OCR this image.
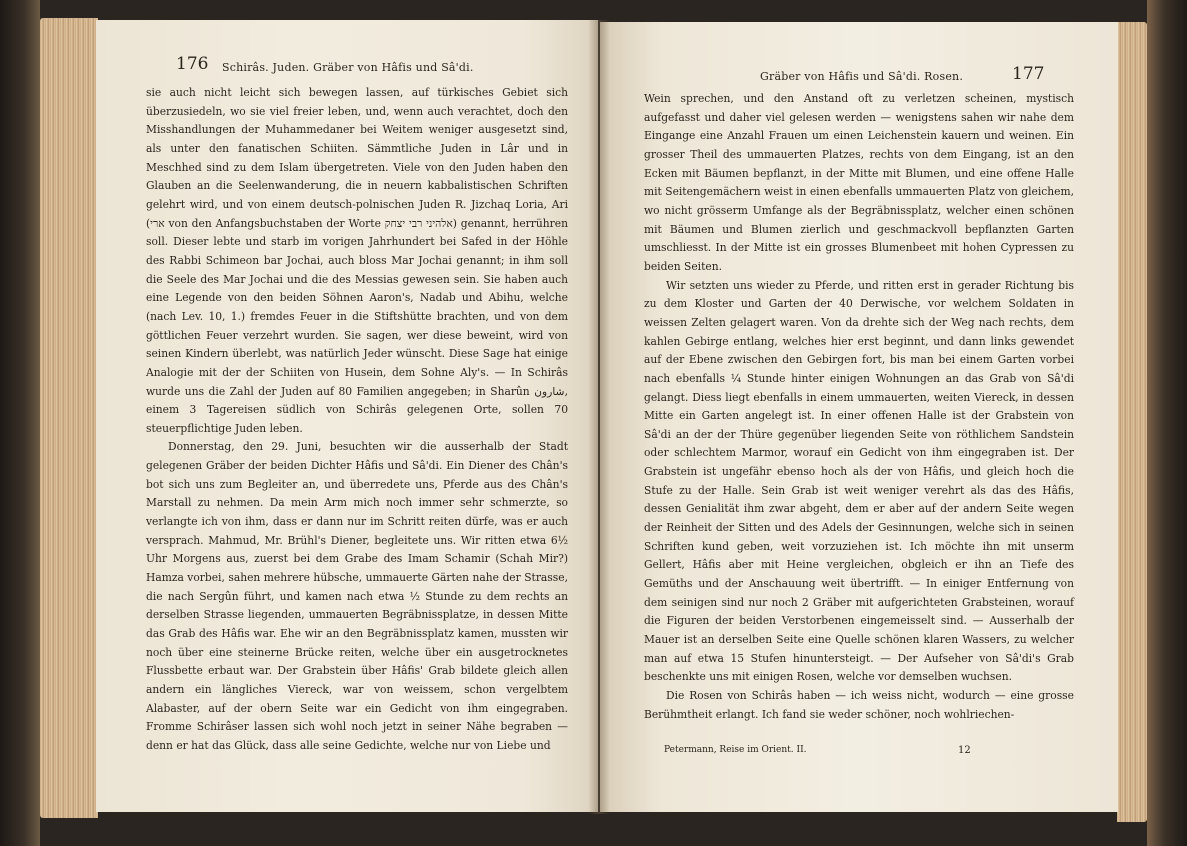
176 Schirâs. Juden. Gräber von Hâfis und Sâ'di.

sie auch nicht leicht sich bewegen lassen, auf türkisches Gebiet sich überzusiedeln, wo sie viel freier leben, und, wenn auch verachtet, doch den Misshandlungen der Muhammedaner bei Weitem weniger ausgesetzt sind, als unter den fanatischen Schiiten. Sämmtliche Juden in Lâr und in Meschhed sind zu dem Islam übergetreten. Viele von den Juden haben den Glauben an die Seelenwanderung, die in neuern kabbalistischen Schriften gelehrt wird, und von einem deutsch-polnischen Juden R. Jizchaq Loria, Ari (ארי von den Anfangsbuchstaben der Worte אלהיני רבי יצחק) genannt, herrühren soll. Dieser lebte und starb im vorigen Jahrhundert bei Safed in der Höhle des Rabbi Schimeon bar Jochai, auch bloss Mar Jochai genannt; in ihm soll die Seele des Mar Jochai und die des Messias gewesen sein. Sie haben auch eine Legende von den beiden Söhnen Aaron's, Nadab und Abihu, welche (nach Lev. 10, 1.) fremdes Feuer in die Stiftshütte brachten, und von dem göttlichen Feuer verzehrt wurden. Sie sagen, wer diese beweint, wird von seinen Kindern überlebt, was natürlich Jeder wünscht. Diese Sage hat einige Analogie mit der der Schiiten von Husein, dem Sohne Aly's. — In Schirâs wurde uns die Zahl der Juden auf 80 Familien angegeben; in Sharûn شارون, einem 3 Tagereisen südlich von Schirâs gelegenen Orte, sollen 70 steuerpflichtige Juden leben.

Donnerstag, den 29. Juni, besuchten wir die ausserhalb der Stadt gelegenen Gräber der beiden Dichter Hâfis und Sâ'di. Ein Diener des Chân's bot sich uns zum Begleiter an, und überredete uns, Pferde aus des Chân's Marstall zu nehmen. Da mein Arm mich noch immer sehr schmerzte, so verlangte ich von ihm, dass er dann nur im Schritt reiten dürfe, was er auch versprach. Mahmud, Mr. Brühl's Diener, begleitete uns. Wir ritten etwa 6½ Uhr Morgens aus, zuerst bei dem Grabe des Imam Schamir (Schah Mir?) Hamza vorbei, sahen mehrere hübsche, ummauerte Gärten nahe der Strasse, die nach Sergûn führt, und kamen nach etwa ½ Stunde zu dem rechts an derselben Strasse liegenden, ummauerten Begräbnissplatze, in dessen Mitte das Grab des Hâfis war. Ehe wir an den Begräbnissplatz kamen, mussten wir noch über eine steinerne Brücke reiten, welche über ein ausgetrocknetes Flussbette erbaut war. Der Grabstein über Hâfis' Grab bildete gleich allen andern ein längliches Viereck, war von weissem, schon vergelbtem Alabaster, auf der obern Seite war ein Gedicht von ihm eingegraben. Fromme Schirâser lassen sich wohl noch jetzt in seiner Nähe begraben — denn er hat das Glück, dass alle seine Gedichte, welche nur von Liebe und

Gräber von Hâfis und Sâ'di. Rosen.	177

Wein sprechen, und den Anstand oft zu verletzen scheinen, mystisch aufgefasst und daher viel gelesen werden — wenigstens sahen wir nahe dem Eingange eine Anzahl Frauen um einen Leichenstein kauern und weinen. Ein grosser Theil des ummauerten Platzes, rechts von dem Eingang, ist an den Ecken mit Bäumen bepflanzt, in der Mitte mit Blumen, und eine offene Halle mit Seitengemächern weist in einen ebenfalls ummauerten Platz von gleichem, wo nicht grösserm Umfange als der Begräbnissplatz, welcher einen schönen mit Bäumen und Blumen zierlich und geschmackvoll bepflanzten Garten umschliesst. In der Mitte ist ein grosses Blumenbeet mit hohen Cypressen zu beiden Seiten.

Wir setzten uns wieder zu Pferde, und ritten erst in gerader Richtung bis zu dem Kloster und Garten der 40 Derwische, vor welchem Soldaten in weissen Zelten gelagert waren. Von da drehte sich der Weg nach rechts, dem kahlen Gebirge entlang, welches hier erst beginnt, und dann links gewendet auf der Ebene zwischen den Gebirgen fort, bis man bei einem Garten vorbei nach ebenfalls ¼ Stunde hinter einigen Wohnungen an das Grab von Sâ'di gelangt. Diess liegt ebenfalls in einem ummauerten, weiten Viereck, in dessen Mitte ein Garten angelegt ist. In einer offenen Halle ist der Grabstein von Sâ'di an der der Thüre gegenüber liegenden Seite von röthlichem Sandstein oder schlechtem Marmor, worauf ein Gedicht von ihm eingegraben ist. Der Grabstein ist ungefähr ebenso hoch als der von Hâfis, und gleich hoch die Stufe zu der Halle. Sein Grab ist weit weniger verehrt als das des Hâfis, dessen Genialität ihm zwar abgeht, dem er aber auf der andern Seite wegen der Reinheit der Sitten und des Adels der Gesinnungen, welche sich in seinen Schriften kund geben, weit vorzuziehen ist. Ich möchte ihn mit unserm Gellert, Hâfis aber mit Heine vergleichen, obgleich er ihn an Tiefe des Gemüths und der Anschauung weit übertrifft. — In einiger Entfernung von dem seinigen sind nur noch 2 Gräber mit aufgerichteten Grabsteinen, worauf die Figuren der beiden Verstorbenen eingemeisselt sind. — Ausserhalb der Mauer ist an derselben Seite eine Quelle schönen klaren Wassers, zu welcher man auf etwa 15 Stufen hinuntersteigt. — Der Aufseher von Sâ'di's Grab beschenkte uns mit einigen Rosen, welche vor demselben wuchsen.

Die Rosen von Schirâs haben — ich weiss nicht, wodurch — eine grosse Berühmtheit erlangt. Ich fand sie weder schöner, noch wohlriechen-

Petermann, Reise im Orient. II.	12
